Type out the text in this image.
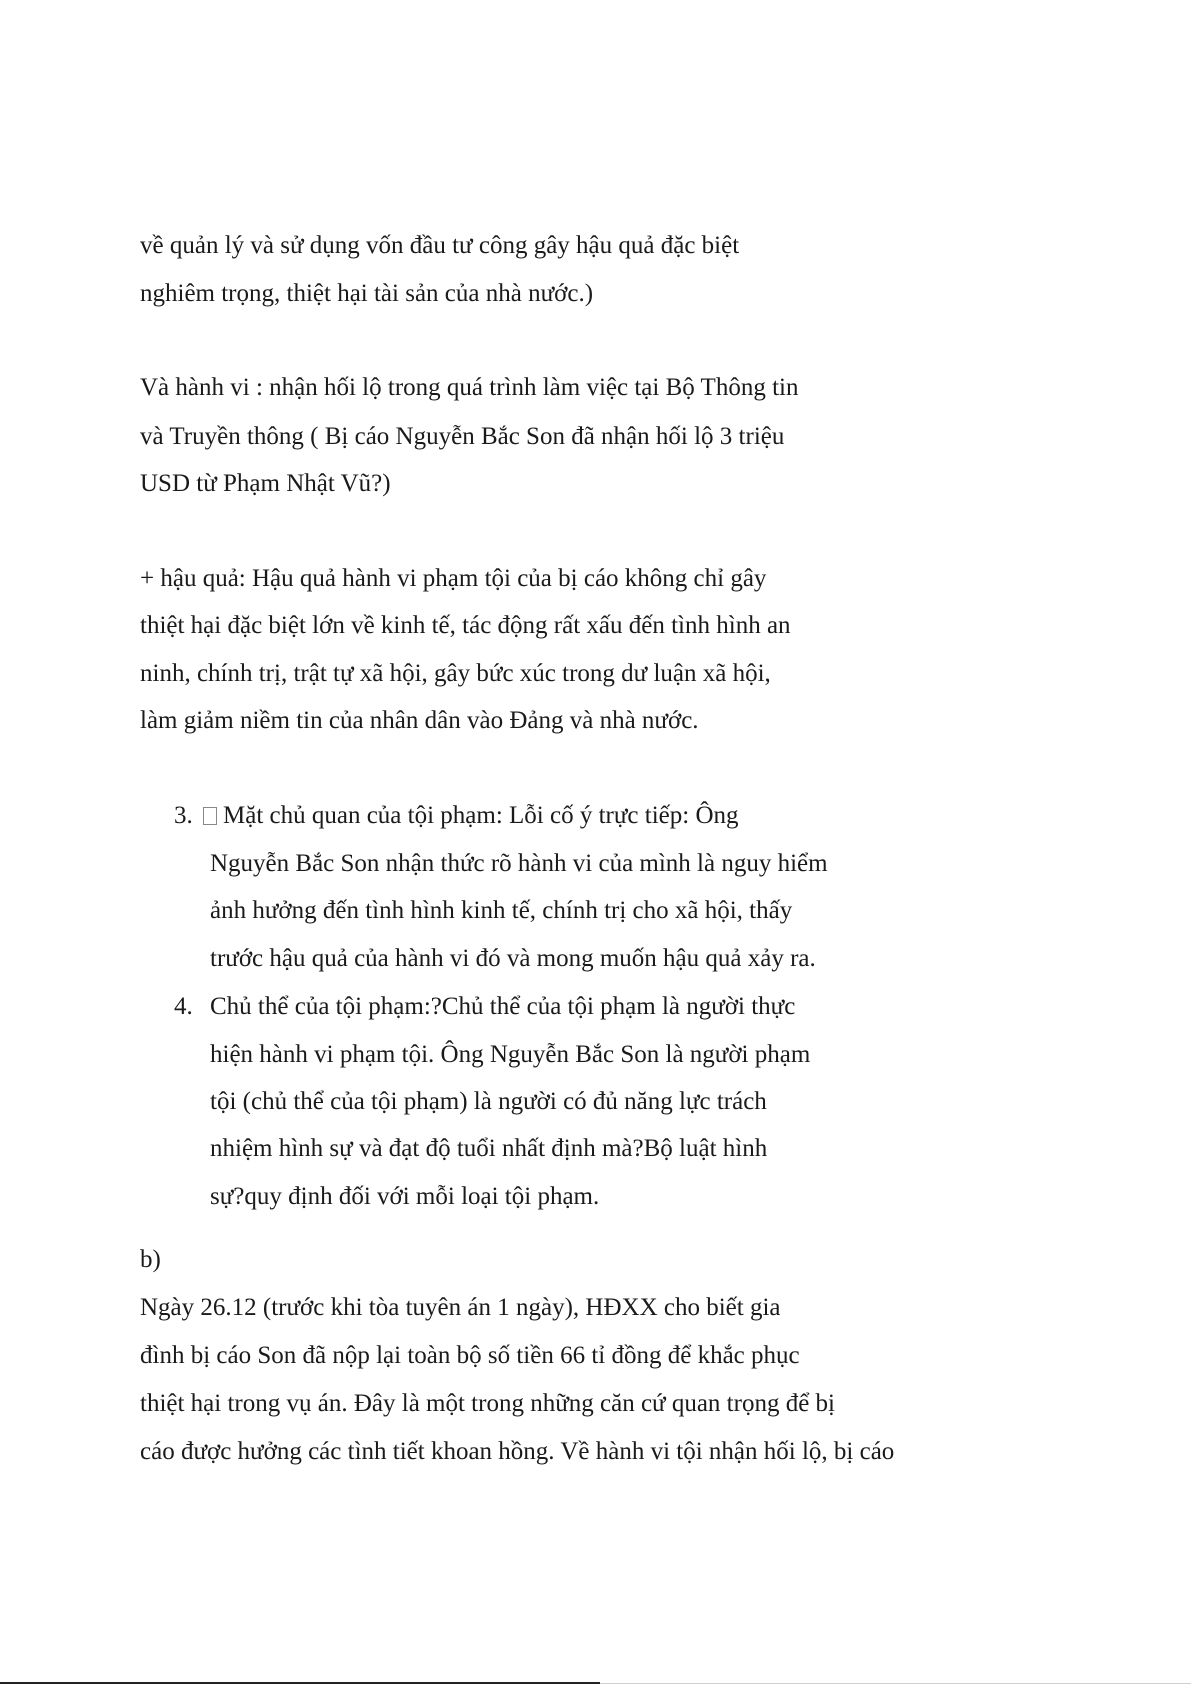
về quản lý và sử dụng vốn đầu tư công gây hậu quả đặc biệt
nghiêm trọng, thiệt hại tài sản của nhà nước.)
Và hành vi : nhận hối lộ trong quá trình làm việc tại Bộ Thông tin
và Truyền thông ( Bị cáo Nguyễn Bắc Son đã nhận hối lộ 3 triệu
USD từ Phạm Nhật Vũ?)
+ hậu quả: Hậu quả hành vi phạm tội của bị cáo không chỉ gây
thiệt hại đặc biệt lớn về kinh tế, tác động rất xấu đến tình hình an
ninh, chính trị, trật tự xã hội, gây bức xúc trong dư luận xã hội,
làm giảm niềm tin của nhân dân vào Đảng và nhà nước.
3.	Mặt chủ quan của tội phạm: Lỗi cố ý trực tiếp: Ông
Nguyễn Bắc Son nhận thức rõ hành vi của mình là nguy hiểm
ảnh hưởng đến tình hình kinh tế, chính trị cho xã hội, thấy
trước hậu quả của hành vi đó và mong muốn hậu quả xảy ra.
4. Chủ thể của tội phạm:?Chủ thể của tội phạm là người thực
hiện hành vi phạm tội. Ông Nguyễn Bắc Son là người phạm
tội (chủ thể của tội phạm) là người có đủ năng lực trách
nhiệm hình sự và đạt độ tuổi nhất định mà?Bộ luật hình
sự?quy định đối với mỗi loại tội phạm.
b)
Ngày 26.12 (trước khi tòa tuyên án 1 ngày), HĐXX cho biết gia
đình bị cáo Son đã nộp lại toàn bộ số tiền 66 tỉ đồng để khắc phục
thiệt hại trong vụ án. Đây là một trong những căn cứ quan trọng để bị
cáo được hưởng các tình tiết khoan hồng. Về hành vi tội nhận hối lộ, bị cáo
